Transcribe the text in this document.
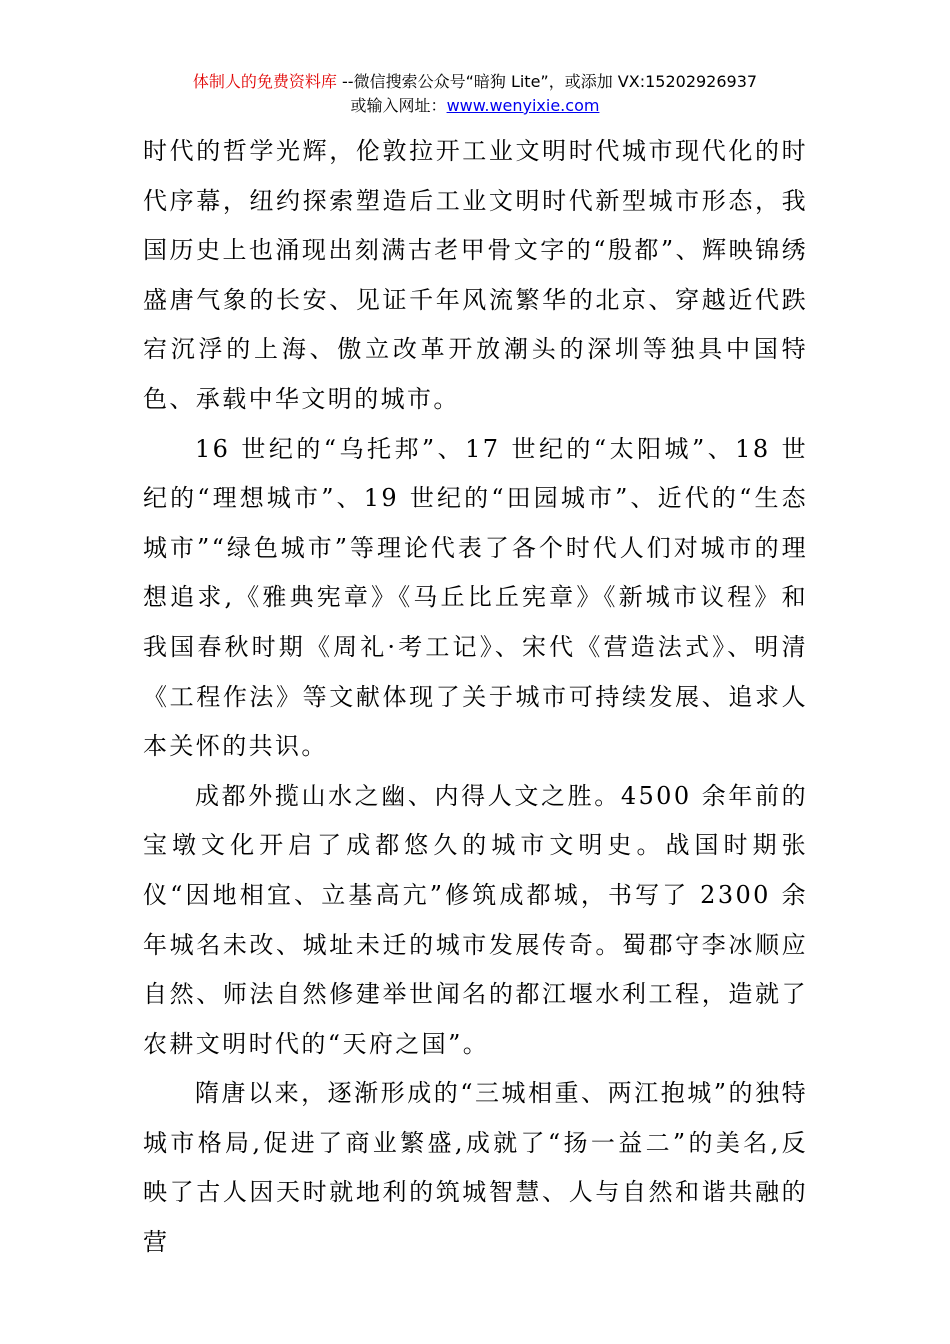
体制人的免费资料库 --微信搜索公众号“暗狗 Lite”，或添加 VX:15202926937
或输入网址：www.wenyixie.com

时代的哲学光辉，伦敦拉开工业文明时代城市现代化的时代序幕，纽约探索塑造后工业文明时代新型城市形态，我国历史上也涌现出刻满古老甲骨文字的“殷都”、辉映锦绣盛唐气象的长安、见证千年风流繁华的北京、穿越近代跌宕沉浮的上海、傲立改革开放潮头的深圳等独具中国特色、承载中华文明的城市。

16 世纪的“乌托邦”、17 世纪的“太阳城”、18 世纪的“理想城市”、19 世纪的“田园城市”、近代的“生态城市”“绿色城市”等理论代表了各个时代人们对城市的理想追求,《雅典宪章》《马丘比丘宪章》《新城市议程》和我国春秋时期《周礼·考工记》、宋代《营造法式》、明清《工程作法》等文献体现了关于城市可持续发展、追求人本关怀的共识。

成都外揽山水之幽、内得人文之胜。4500 余年前的宝墩文化开启了成都悠久的城市文明史。战国时期张仪“因地相宜、立基高亢”修筑成都城，书写了 2300 余年城名未改、城址未迁的城市发展传奇。蜀郡守李冰顺应自然、师法自然修建举世闻名的都江堰水利工程，造就了农耕文明时代的“天府之国”。

隋唐以来，逐渐形成的“三城相重、两江抱城”的独特城市格局,促进了商业繁盛,成就了“扬一益二”的美名,反映了古人因天时就地利的筑城智慧、人与自然和谐共融的营
